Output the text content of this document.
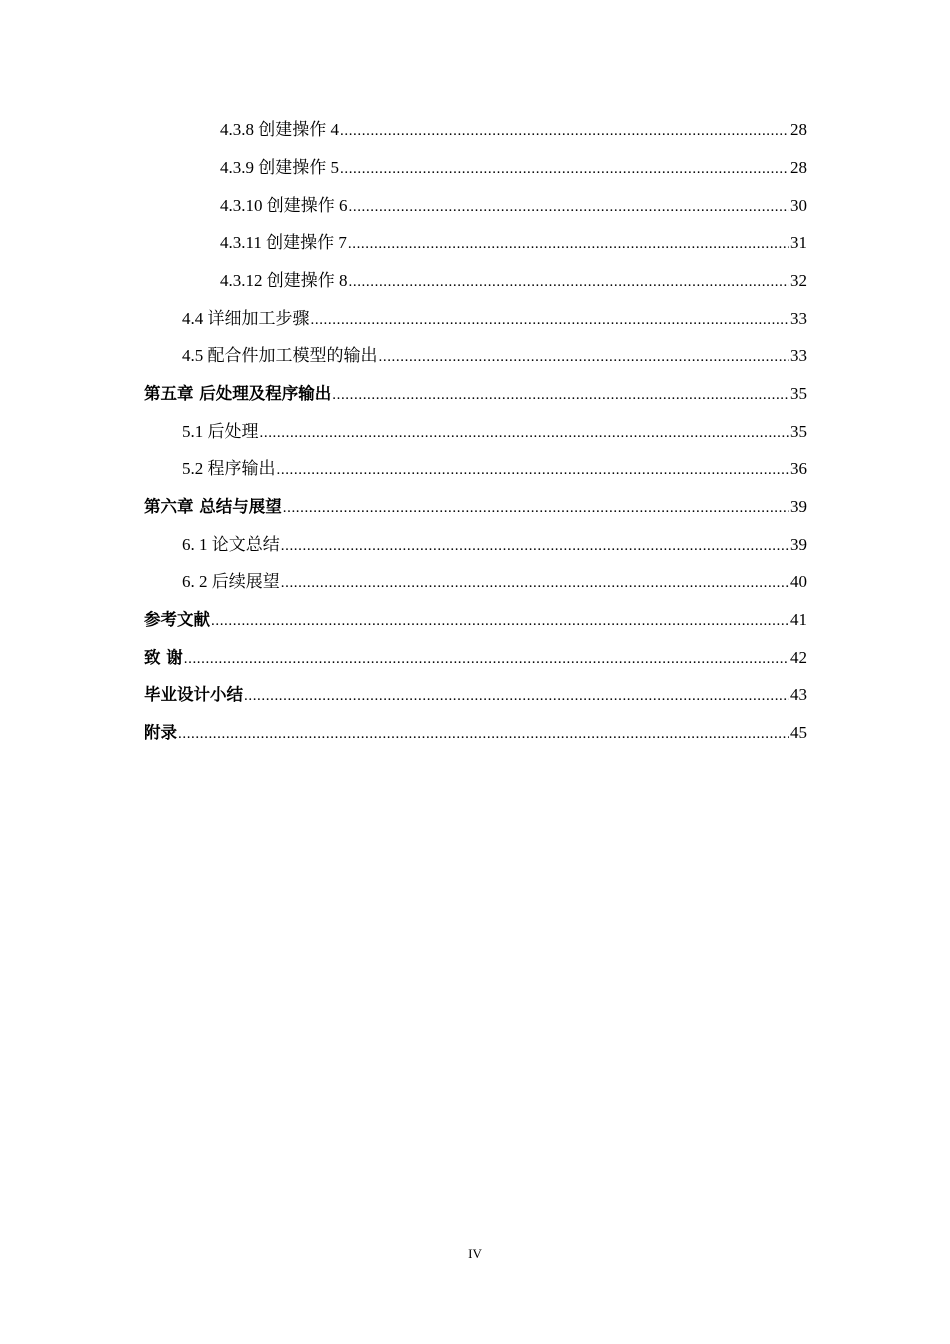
4.3.8 创建操作 4 .....	28
4.3.9 创建操作 5 .....	28
4.3.10 创建操作 6 .....	30
4.3.11 创建操作 7 .....	31
4.3.12 创建操作 8 .....	32
4.4 详细加工步骤 .....	33
4.5 配合件加工模型的输出 .....	33
第五章 后处理及程序输出 .....	35
5.1 后处理 .....	35
5.2 程序输出 .....	36
第六章 总结与展望 .....	39
6. 1 论文总结 .....	39
6. 2 后续展望 .....	40
参考文献 .....	41
致 谢 .....	42
毕业设计小结 .....	43
附录 .....	45
IV
